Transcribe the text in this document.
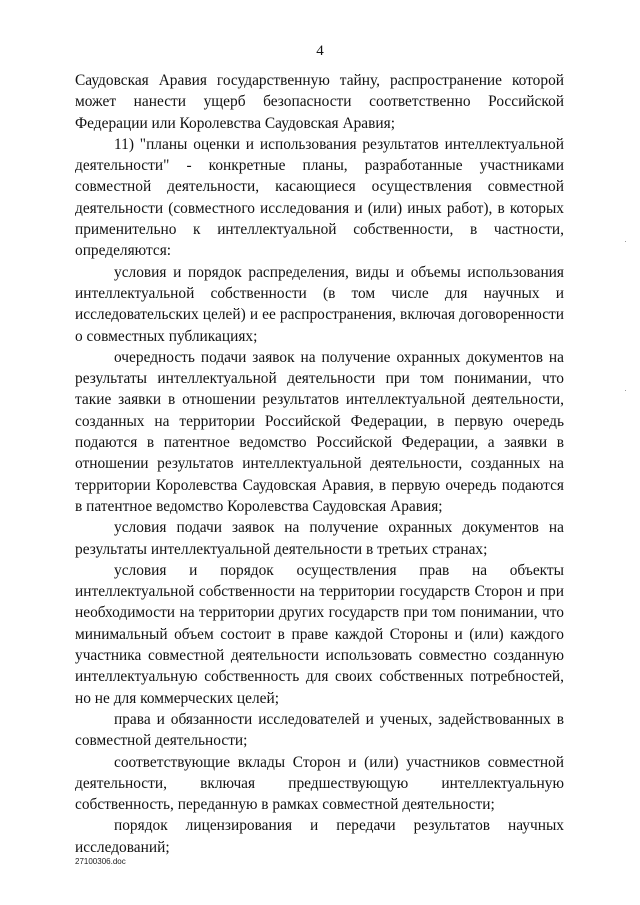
4

Саудовская Аравия государственную тайну, распространение которой может нанести ущерб безопасности соответственно Российской Федерации или Королевства Саудовская Аравия;

11) "планы оценки и использования результатов интеллектуальной деятельности" - конкретные планы, разработанные участниками совместной деятельности, касающиеся осуществления совместной деятельности (совместного исследования и (или) иных работ), в которых применительно к интеллектуальной собственности, в частности, определяются:

условия и порядок распределения, виды и объемы использования интеллектуальной собственности (в том числе для научных и исследовательских целей) и ее распространения, включая договоренности о совместных публикациях;

очередность подачи заявок на получение охранных документов на результаты интеллектуальной деятельности при том понимании, что такие заявки в отношении результатов интеллектуальной деятельности, созданных на территории Российской Федерации, в первую очередь подаются в патентное ведомство Российской Федерации, а заявки в отношении результатов интеллектуальной деятельности, созданных на территории Королевства Саудовская Аравия, в первую очередь подаются в патентное ведомство Королевства Саудовская Аравия;

условия подачи заявок на получение охранных документов на результаты интеллектуальной деятельности в третьих странах;

условия и порядок осуществления прав на объекты интеллектуальной собственности на территории государств Сторон и при необходимости на территории других государств при том понимании, что минимальный объем состоит в праве каждой Стороны и (или) каждого участника совместной деятельности использовать совместно созданную интеллектуальную собственность для своих собственных потребностей, но не для коммерческих целей;

права и обязанности исследователей и ученых, задействованных в совместной деятельности;

соответствующие вклады Сторон и (или) участников совместной деятельности, включая предшествующую интеллектуальную собственность, переданную в рамках совместной деятельности;

порядок лицензирования и передачи результатов научных исследований;

27100306.doc
